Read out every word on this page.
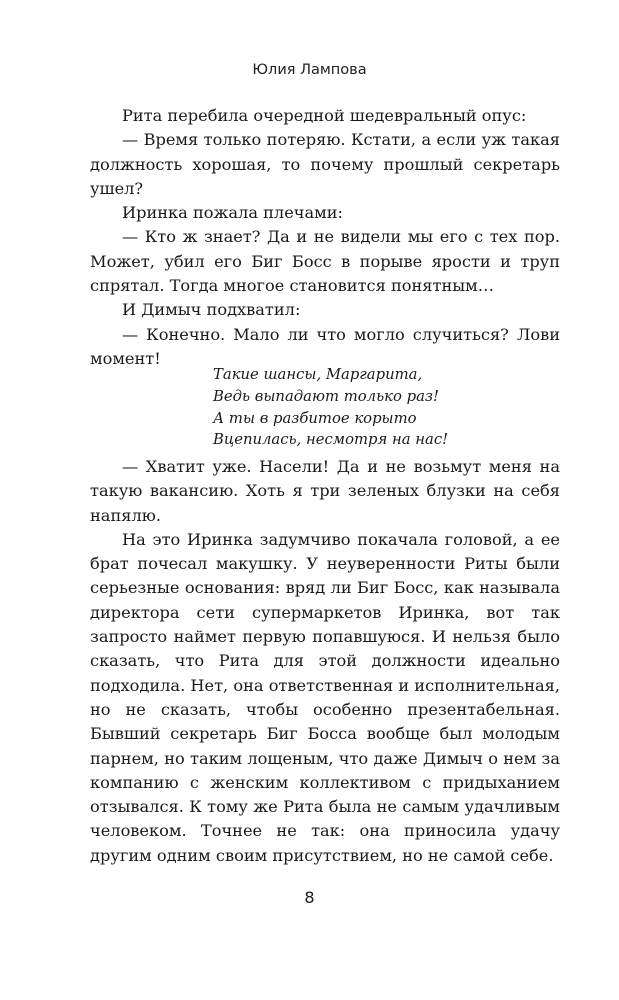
Юлия Лампова

Рита перебила очередной шедевральный опус:

— Время только потеряю. Кстати, а если уж такая должность хорошая, то почему прошлый секретарь ушел?

Иринка пожала плечами:

— Кто ж знает? Да и не видели мы его с тех пор. Может, убил его Биг Босс в порыве ярости и труп спрятал. Тогда многое становится понятным…

И Димыч подхватил:

— Конечно. Мало ли что могло случиться? Лови момент!

Такие шансы, Маргарита,
Ведь выпадают только раз!
А ты в разбитое корыто
Вцепилась, несмотря на нас!

— Хватит уже. Насели! Да и не возьмут меня на такую вакансию. Хоть я три зеленых блузки на себя напялю.

На это Иринка задумчиво покачала головой, а ее брат почесал макушку. У неуверенности Риты были серьезные основания: вряд ли Биг Босс, как называла директора сети супермаркетов Иринка, вот так запросто наймет первую попавшуюся. И нельзя было сказать, что Рита для этой должности идеально подходила. Нет, она ответственная и исполнительная, но не сказать, чтобы особенно презентабельная. Бывший секретарь Биг Босса вообще был молодым парнем, но таким лощеным, что даже Димыч о нем за компанию с женским коллективом с придыханием отзывался. К тому же Рита была не самым удачливым человеком. Точнее не так: она приносила удачу другим одним своим присутствием, но не самой себе.

8
